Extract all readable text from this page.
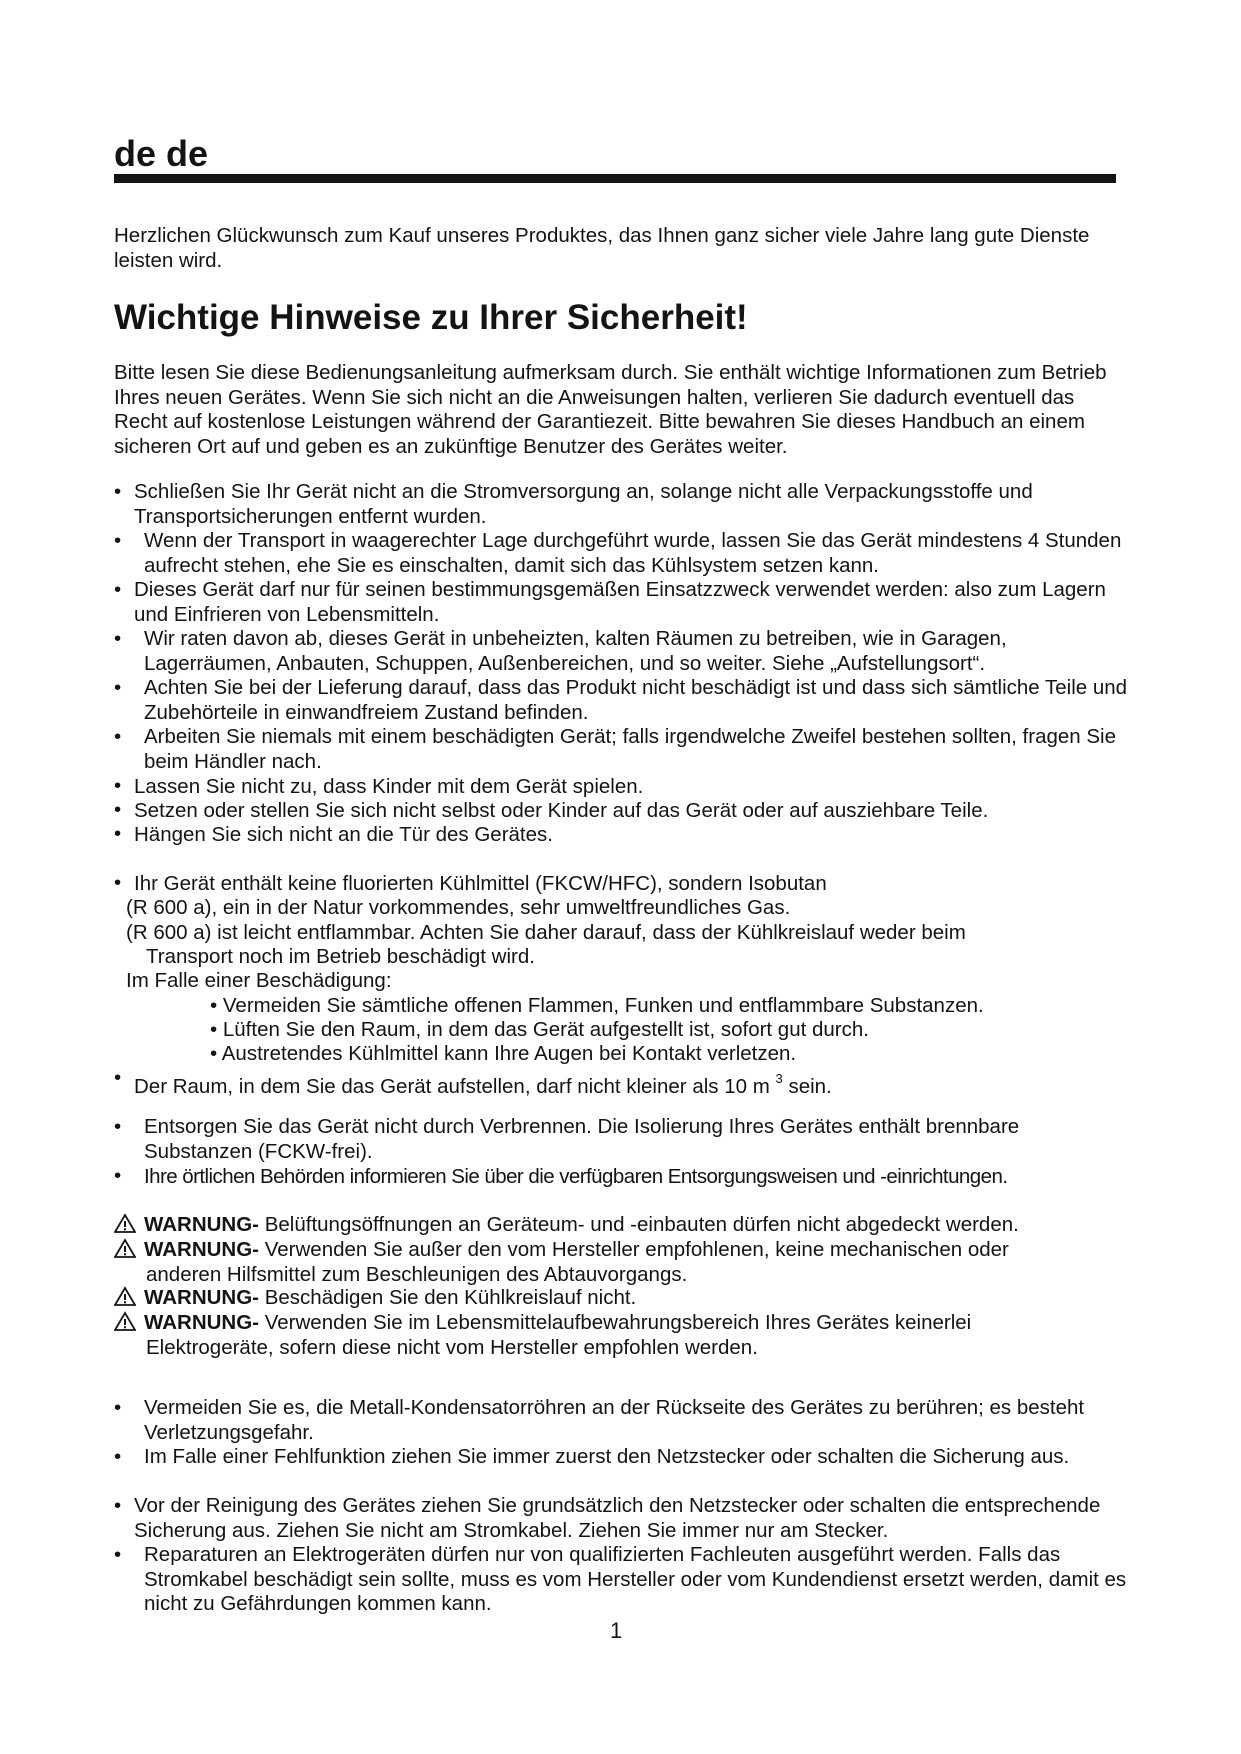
de de
Herzlichen Glückwunsch zum Kauf unseres Produktes, das Ihnen ganz sicher viele Jahre lang gute Dienste leisten wird.
Wichtige Hinweise zu Ihrer Sicherheit!
Bitte lesen Sie diese Bedienungsanleitung aufmerksam durch. Sie enthält wichtige Informationen zum Betrieb Ihres neuen Gerätes. Wenn Sie sich nicht an die Anweisungen halten, verlieren Sie dadurch eventuell das Recht auf kostenlose Leistungen während der Garantiezeit. Bitte bewahren Sie dieses Handbuch an einem sicheren Ort auf und geben es an zukünftige Benutzer des Gerätes weiter.
• Schließen Sie Ihr Gerät nicht an die Stromversorgung an, solange nicht alle Verpackungsstoffe und Transportsicherungen entfernt wurden.
• Wenn der Transport in waagerechter Lage durchgeführt wurde, lassen Sie das Gerät mindestens 4 Stunden aufrecht stehen, ehe Sie es einschalten, damit sich das Kühlsystem setzen kann.
• Dieses Gerät darf nur für seinen bestimmungsgemäßen Einsatzzweck verwendet werden: also zum Lagern und Einfrieren von Lebensmitteln.
• Wir raten davon ab, dieses Gerät in unbeheizten, kalten Räumen zu betreiben, wie in Garagen, Lagerräumen, Anbauten, Schuppen, Außenbereichen, und so weiter. Siehe „Aufstellungsort“.
• Achten Sie bei der Lieferung darauf, dass das Produkt nicht beschädigt ist und dass sich sämtliche Teile und Zubehörteile in einwandfreiem Zustand befinden.
• Arbeiten Sie niemals mit einem beschädigten Gerät; falls irgendwelche Zweifel bestehen sollten, fragen Sie beim Händler nach.
• Lassen Sie nicht zu, dass Kinder mit dem Gerät spielen.
• Setzen oder stellen Sie sich nicht selbst oder Kinder auf das Gerät oder auf ausziehbare Teile.
• Hängen Sie sich nicht an die Tür des Gerätes.
• Ihr Gerät enthält keine fluorierten Kühlmittel (FKCW/HFC), sondern Isobutan
(R 600 a), ein in der Natur vorkommendes, sehr umweltfreundliches Gas.
(R 600 a) ist leicht entflammbar. Achten Sie daher darauf, dass der Kühlkreislauf weder beim
Transport noch im Betrieb beschädigt wird.
Im Falle einer Beschädigung:
• Vermeiden Sie sämtliche offenen Flammen, Funken und entflammbare Substanzen.
• Lüften Sie den Raum, in dem das Gerät aufgestellt ist, sofort gut durch.
• Austretendes Kühlmittel kann Ihre Augen bei Kontakt verletzen.
• Der Raum, in dem Sie das Gerät aufstellen, darf nicht kleiner als 10 m $^3$ sein.
• Entsorgen Sie das Gerät nicht durch Verbrennen. Die Isolierung Ihres Gerätes enthält brennbare Substanzen (FCKW-frei).
• Ihre örtlichen Behörden informieren Sie über die verfügbaren Entsorgungsweisen und -einrichtungen.
WARNUNG- Belüftungsöffnungen an Geräteum- und -einbauten dürfen nicht abgedeckt werden.
WARNUNG- Verwenden Sie außer den vom Hersteller empfohlenen, keine mechanischen oder
anderen Hilfsmittel zum Beschleunigen des Abtauvorgangs.
WARNUNG- Beschädigen Sie den Kühlkreislauf nicht.
WARNUNG- Verwenden Sie im Lebensmittelaufbewahrungsbereich Ihres Gerätes keinerlei
Elektrogeräte, sofern diese nicht vom Hersteller empfohlen werden.
• Vermeiden Sie es, die Metall-Kondensatorröhren an der Rückseite des Gerätes zu berühren; es besteht Verletzungsgefahr.
• Im Falle einer Fehlfunktion ziehen Sie immer zuerst den Netzstecker oder schalten die Sicherung aus.
• Vor der Reinigung des Gerätes ziehen Sie grundsätzlich den Netzstecker oder schalten die entsprechende Sicherung aus. Ziehen Sie nicht am Stromkabel. Ziehen Sie immer nur am Stecker.
• Reparaturen an Elektrogeräten dürfen nur von qualifizierten Fachleuten ausgeführt werden. Falls das Stromkabel beschädigt sein sollte, muss es vom Hersteller oder vom Kundendienst ersetzt werden, damit es nicht zu Gefährdungen kommen kann.
1
